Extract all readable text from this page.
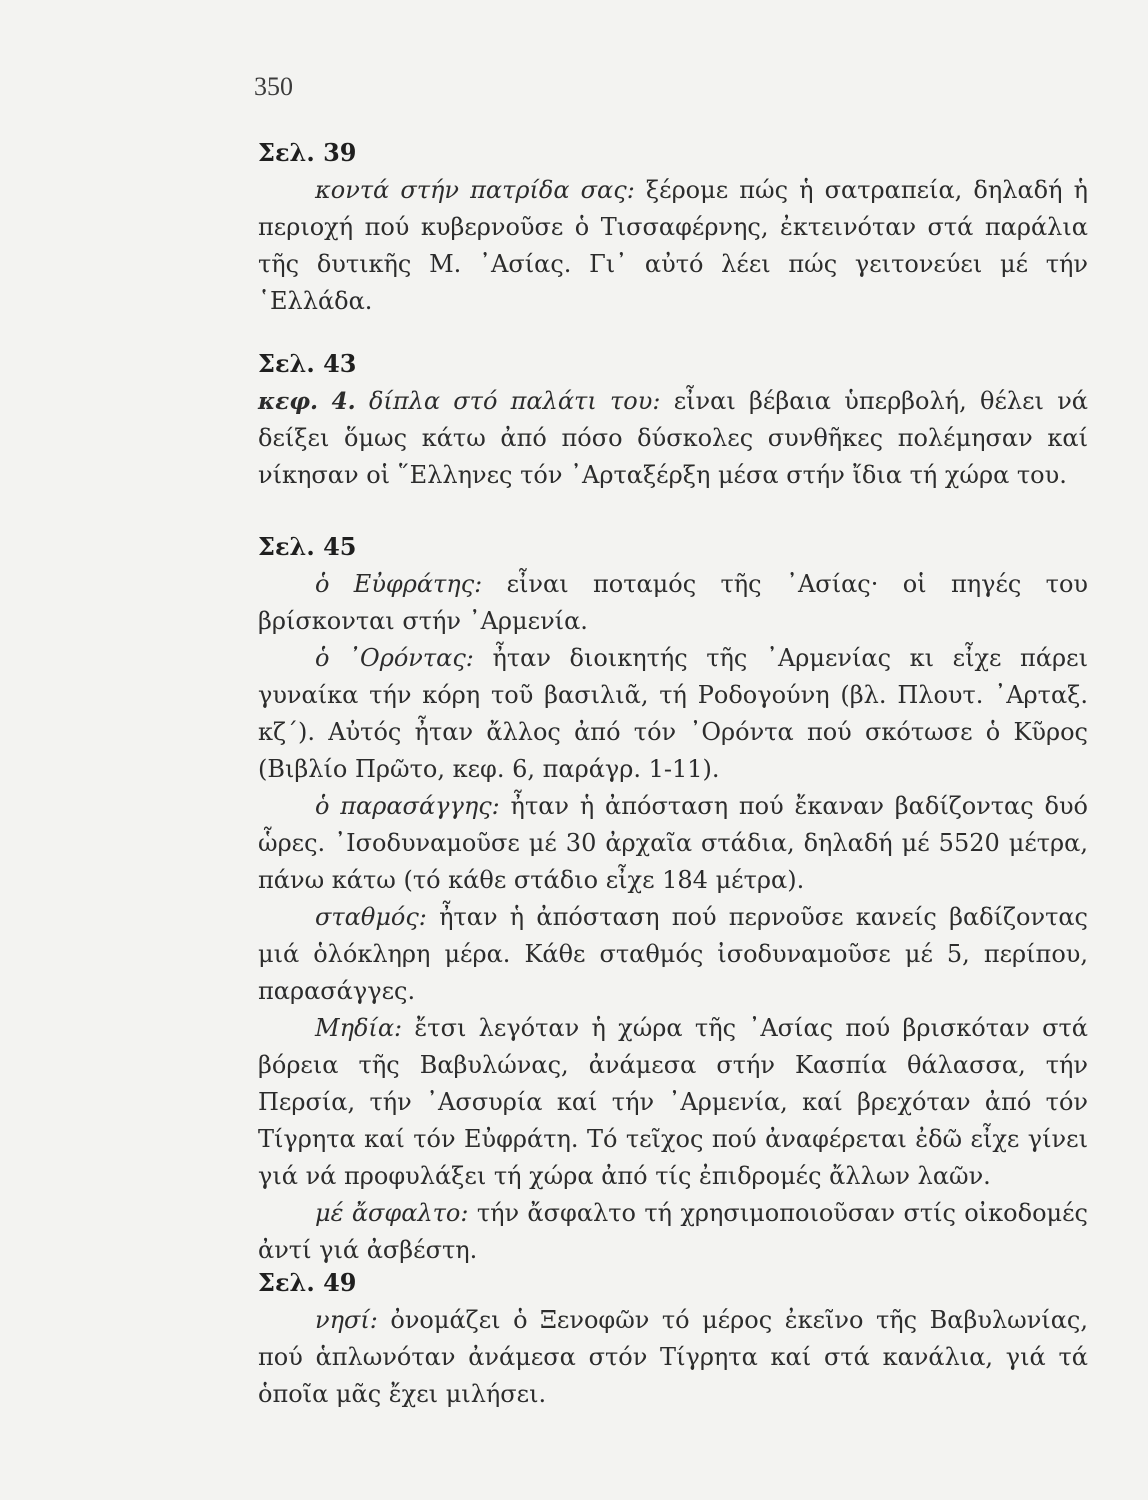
350
Σελ. 39

κοντά στήν πατρίδα σας: ξέρομε πώς ἡ σατραπεία, δηλαδή ἡ περιοχή πού κυβερνοῦσε ὁ Τισσαφέρνης, ἐκτεινόταν στά παράλια τῆς δυτικῆς Μ. ᾿Ασίας. Γι᾿ αὐτό λέει πώς γειτονεύει μέ τήν ῾Ελλάδα.

Σελ. 43

κεφ. 4. δίπλα στό παλάτι του: εἶναι βέβαια ὑπερβολή, θέλει νά δείξει ὅμως κάτω ἀπό πόσο δύσκολες συνθῆκες πολέμησαν καί νίκησαν οἱ ῞Ελληνες τόν ᾿Αρταξέρξη μέσα στήν ἴδια τή χώρα του.

Σελ. 45

ὁ Εὐφράτης: εἶναι ποταμός τῆς ᾿Ασίας· οἱ πηγές του βρίσκονται στήν ᾿Αρμενία.

ὁ ᾿Ορόντας: ἦταν διοικητής τῆς ᾿Αρμενίας κι εἶχε πάρει γυναίκα τήν κόρη τοῦ βασιλιᾶ, τή Ροδογούνη (βλ. Πλουτ. ᾿Αρταξ. κζ΄). Αὐτός ἦταν ἄλλος ἀπό τόν ᾿Ορόντα πού σκότωσε ὁ Κῦρος (Βιβλίο Πρῶτο, κεφ. 6, παράγρ. 1-11).

ὁ παρασάγγης: ἦταν ἡ ἀπόσταση πού ἔκαναν βαδίζοντας δυό ὧρες. ᾿Ισοδυναμοῦσε μέ 30 ἀρχαῖα στάδια, δηλαδή μέ 5520 μέτρα, πάνω κάτω (τό κάθε στάδιο εἶχε 184 μέτρα).

σταθμός: ἦταν ἡ ἀπόσταση πού περνοῦσε κανείς βαδίζοντας μιά ὁλόκληρη μέρα. Κάθε σταθμός ἰσοδυναμοῦσε μέ 5, περίπου, παρασάγγες.

Μηδία: ἔτσι λεγόταν ἡ χώρα τῆς ᾿Ασίας πού βρισκόταν στά βόρεια τῆς Βαβυλώνας, ἀνάμεσα στήν Κασπία θάλασσα, τήν Περσία, τήν ᾿Ασσυρία καί τήν ᾿Αρμενία, καί βρεχόταν ἀπό τόν Τίγρητα καί τόν Εὐφράτη. Τό τεῖχος πού ἀναφέρεται ἐδῶ εἶχε γίνει γιά νά προφυλάξει τή χώρα ἀπό τίς ἐπιδρομές ἄλλων λαῶν.

μέ ἄσφαλτο: τήν ἄσφαλτο τή χρησιμοποιοῦσαν στίς οἰκοδομές ἀντί γιά ἀσβέστη.

Σελ. 49

νησί: ὀνομάζει ὁ Ξενοφῶν τό μέρος ἐκεῖνο τῆς Βαβυλωνίας, πού ἁπλωνόταν ἀνάμεσα στόν Τίγρητα καί στά κανάλια, γιά τά ὁποῖα μᾶς ἔχει μιλήσει.
